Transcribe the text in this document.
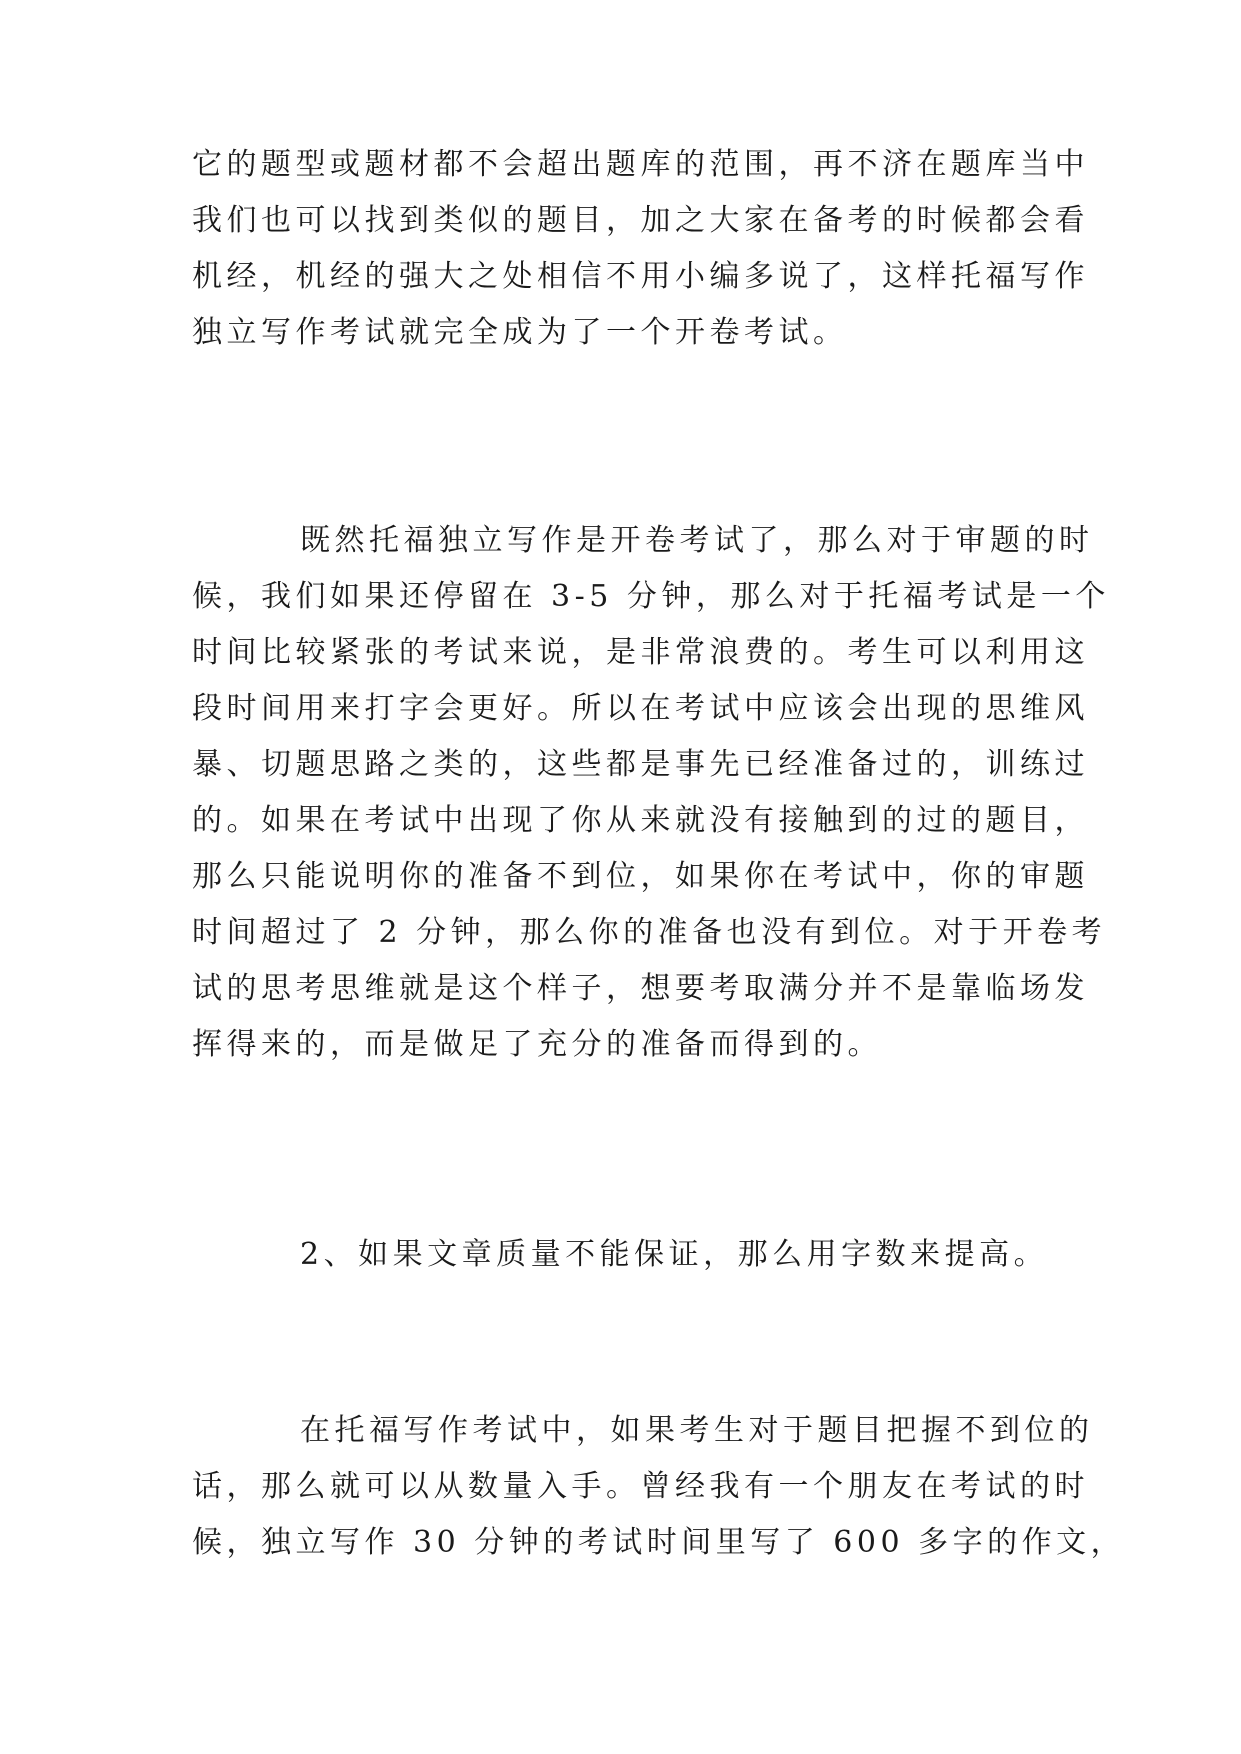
它的题型或题材都不会超出题库的范围，再不济在题库当中
我们也可以找到类似的题目，加之大家在备考的时候都会看
机经，机经的强大之处相信不用小编多说了，这样托福写作
独立写作考试就完全成为了一个开卷考试。

既然托福独立写作是开卷考试了，那么对于审题的时
候，我们如果还停留在 3-5 分钟，那么对于托福考试是一个
时间比较紧张的考试来说，是非常浪费的。考生可以利用这
段时间用来打字会更好。所以在考试中应该会出现的思维风
暴、切题思路之类的，这些都是事先已经准备过的，训练过
的。如果在考试中出现了你从来就没有接触到的过的题目，
那么只能说明你的准备不到位，如果你在考试中，你的审题
时间超过了 2 分钟，那么你的准备也没有到位。对于开卷考
试的思考思维就是这个样子，想要考取满分并不是靠临场发
挥得来的，而是做足了充分的准备而得到的。

2、如果文章质量不能保证，那么用字数来提高。

在托福写作考试中，如果考生对于题目把握不到位的
话，那么就可以从数量入手。曾经我有一个朋友在考试的时
候，独立写作 30 分钟的考试时间里写了 600 多字的作文，
